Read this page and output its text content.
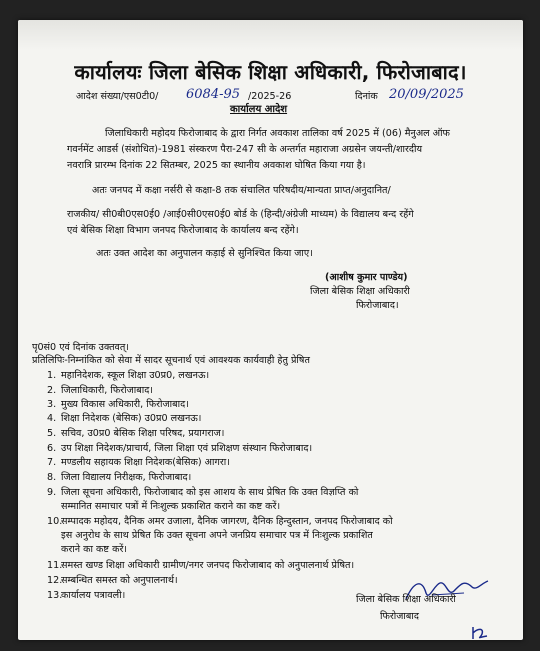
कार्यालयः जिला बेसिक शिक्षा अधिकारी, फिरोजाबाद।
आदेश संख्या/एस0टी0/ 6084-95 /2025-26	दिनांक 20/09/2025
कार्यालय आदेश
जिलाधिकारी महोदय फिरोजाबाद के द्वारा निर्गत अवकाश तालिका वर्ष 2025 में (06) मैनुअल ऑफ
गवर्नमेंट आडर्स (संशोधित)-1981 संस्करण पैरा-247 सी के अन्तर्गत महाराजा अग्रसेन जयन्ती/शारदीय
नवरात्रि प्रारम्भ दिनांक 22 सितम्बर, 2025 का स्थानीय अवकाश घोषित किया गया है।
अतः जनपद में कक्षा नर्सरी से कक्षा-8 तक संचालित परिषदीय/मान्यता प्राप्त/अनुदानित/
राजकीय/ सी0बी0एस0ई0 /आई0सी0एस0ई0 बोर्ड के (हिन्दी/अंग्रेजी माध्यम) के विद्यालय बन्द रहेंगे
एवं बेसिक शिक्षा विभाग जनपद फिरोजाबाद के कार्यालय बन्द रहेंगे।
अतः उक्त आदेश का अनुपालन कड़ाई से सुनिश्चित किया जाए।
(आशीष कुमार पाण्डेय)
जिला बेसिक शिक्षा अधिकारी
फिरोजाबाद।
पृ0सं0 एवं दिनांक उक्तवत्।
प्रतिलिपिः-निम्नांकित को सेवा में सादर सूचनार्थ एवं आवश्यक कार्यवाही हेतु प्रेषित
1. महानिदेशक, स्कूल शिक्षा उ0प्र0, लखनऊ।
2. जिलाधिकारी, फिरोजाबाद।
3. मुख्य विकास अधिकारी, फिरोजाबाद।
4. शिक्षा निदेशक (बेसिक) उ0प्र0 लखनऊ।
5. सचिव, उ0प्र0 बेसिक शिक्षा परिषद, प्रयागराज।
6. उप शिक्षा निदेशक/प्राचार्य, जिला शिक्षा एवं प्रशिक्षण संस्थान फिरोजाबाद।
7. मण्डलीय सहायक शिक्षा निदेशक(बेसिक) आगरा।
8. जिला विद्यालय निरीक्षक, फिरोजाबाद।
9. जिला सूचना अधिकारी, फिरोजाबाद को इस आशय के साथ प्रेषित कि उक्त विज्ञप्ति को
सम्मानित समाचार पत्रों में निःशुल्क प्रकाशित कराने का कष्ट करें।
10.सम्पादक महोदय, दैनिक अमर उजाला, दैनिक जागरण, दैनिक हिन्दुस्तान, जनपद फिरोजाबाद को
इस अनुरोध के साथ प्रेषित कि उक्त सूचना अपने जनप्रिय समाचार पत्र में निःशुल्क प्रकाशित
कराने का कष्ट करें।
11.समस्त खण्ड शिक्षा अधिकारी ग्रामीण/नगर जनपद फिरोजाबाद को अनुपालनार्थ प्रेषित।
12.सम्बन्धित समस्त को अनुपालनार्थ।
13.कार्यालय पत्रावली।	जिला बेसिक शिक्षा अधिकारी
फिरोजाबाद
